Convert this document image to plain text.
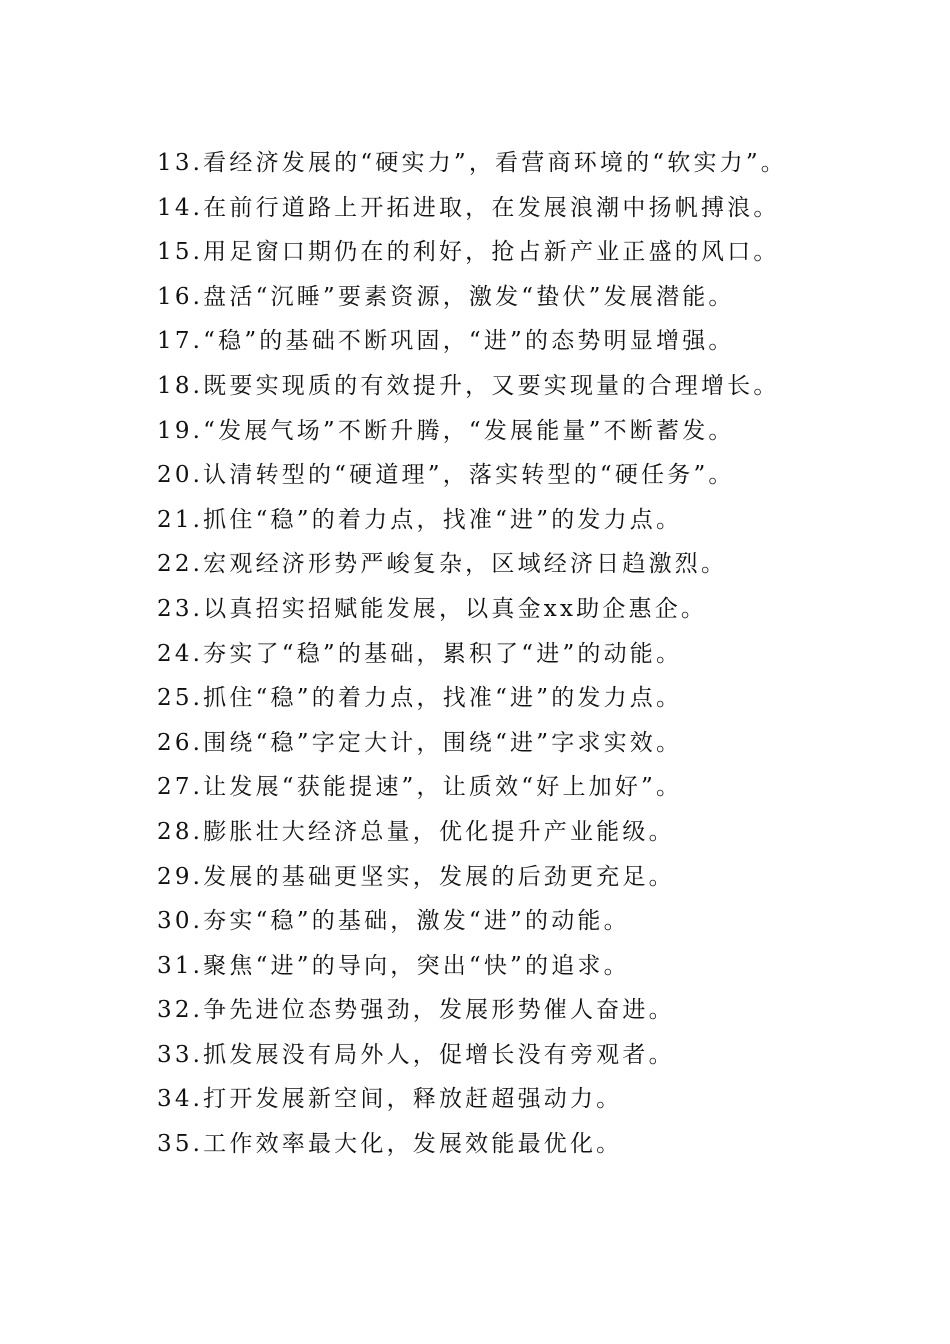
13.看经济发展的“硬实力”，看营商环境的“软实力”。
14.在前行道路上开拓进取，在发展浪潮中扬帆搏浪。
15.用足窗口期仍在的利好，抢占新产业正盛的风口。
16.盘活“沉睡”要素资源，激发“蛰伏”发展潜能。
17.“稳”的基础不断巩固，“进”的态势明显增强。
18.既要实现质的有效提升，又要实现量的合理增长。
19.“发展气场”不断升腾，“发展能量”不断蓄发。
20.认清转型的“硬道理”，落实转型的“硬任务”。
21.抓住“稳”的着力点，找准“进”的发力点。
22.宏观经济形势严峻复杂，区域经济日趋激烈。
23.以真招实招赋能发展，以真金xx助企惠企。
24.夯实了“稳”的基础，累积了“进”的动能。
25.抓住“稳”的着力点，找准“进”的发力点。
26.围绕“稳”字定大计，围绕“进”字求实效。
27.让发展“获能提速”，让质效“好上加好”。
28.膨胀壮大经济总量，优化提升产业能级。
29.发展的基础更坚实，发展的后劲更充足。
30.夯实“稳”的基础，激发“进”的动能。
31.聚焦“进”的导向，突出“快”的追求。
32.争先进位态势强劲，发展形势催人奋进。
33.抓发展没有局外人，促增长没有旁观者。
34.打开发展新空间，释放赶超强动力。
35.工作效率最大化，发展效能最优化。
